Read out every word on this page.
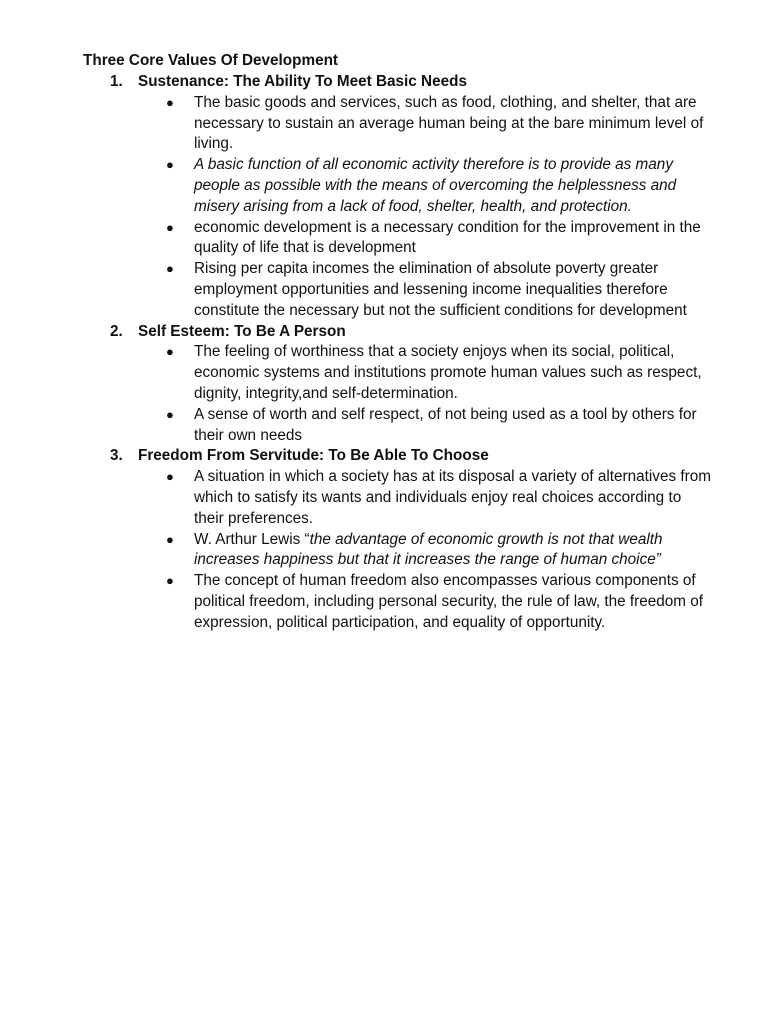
Three Core Values Of Development
1. Sustenance: The Ability To Meet Basic Needs
● The basic goods and services, such as food, clothing, and shelter, that are necessary to sustain an average human being at the bare minimum level of living.
● A basic function of all economic activity therefore is to provide as many people as possible with the means of overcoming the helplessness and misery arising from a lack of food, shelter, health, and protection.
● economic development is a necessary condition for the improvement in the quality of life that is development
● Rising per capita incomes the elimination of absolute poverty greater employment opportunities and lessening income inequalities therefore constitute the necessary but not the sufficient conditions for development
2. Self Esteem: To Be A Person
● The feeling of worthiness that a society enjoys when its social, political, economic systems and institutions promote human values such as respect, dignity, integrity,and self-determination.
● A sense of worth and self respect, of not being used as a tool by others for their own needs
3. Freedom From Servitude: To Be Able To Choose
● A situation in which a society has at its disposal a variety of alternatives from which to satisfy its wants and individuals enjoy real choices according to their preferences.
● W. Arthur Lewis “the advantage of economic growth is not that wealth increases happiness but that it increases the range of human choice”
● The concept of human freedom also encompasses various components of political freedom, including personal security, the rule of law, the freedom of expression, political participation, and equality of opportunity.
